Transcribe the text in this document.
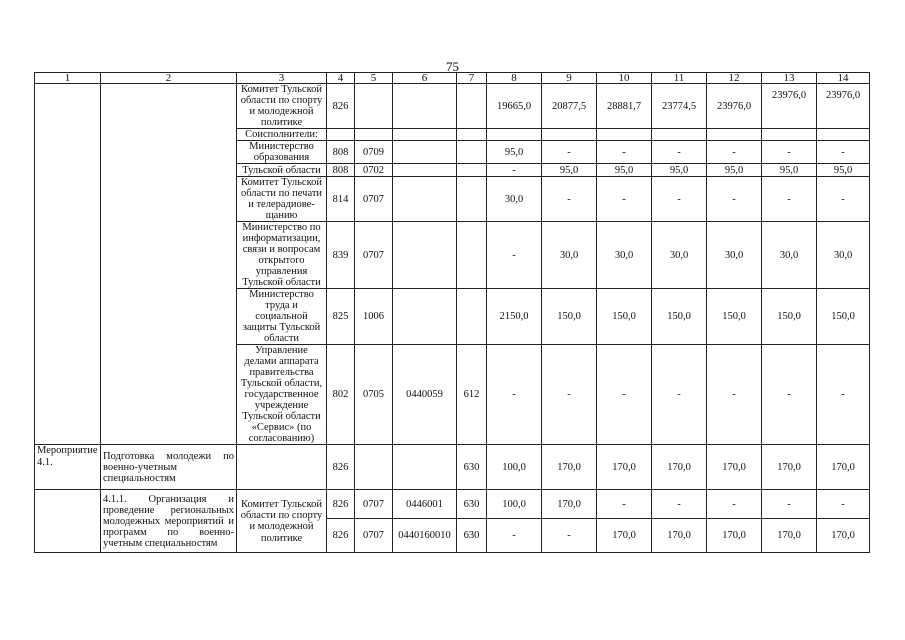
75
1	2	3	4	5	6	7	8	9	10	11	12	13	14
		Комитет Тульской области по спорту и молодежной политике	826				19665,0	20877,5	28881,7	23774,5	23976,0	23976,0	23976,0
		Соисполнители:											
		Министерство образования	808	0709			95,0	-	-	-	-	-	-
		Тульской области	808	0702			-	95,0	95,0	95,0	95,0	95,0	95,0
		Комитет Тульской области по печати и телерадиове-щанию	814	0707			30,0	-	-	-	-	-	-
		Министерство по информатизации, связи и вопросам открытого управления Тульской области	839	0707			-	30,0	30,0	30,0	30,0	30,0	30,0
		Министерство труда и социальной защиты Тульской области	825	1006			2150,0	150,0	150,0	150,0	150,0	150,0	150,0
		Управление делами аппарата правительства Тульской области, государственное учреждение Тульской области «Сервис» (по согласованию)	802	0705	0440059	612	-	-	-	-	-	-	-
Мероприятие 4.1.	Подготовка молодежи по военно-учетным специальностям		826			630	100,0	170,0	170,0	170,0	170,0	170,0	170,0
	4.1.1. Организация и проведение региональных молодежных мероприятий и программ по военно-учетным специальностям	Комитет Тульской области по спорту и молодежной политике	826	0707	0446001	630	100,0	170,0	-	-	-	-	-
			826	0707	0440160010	630	-	-	170,0	170,0	170,0	170,0	170,0
